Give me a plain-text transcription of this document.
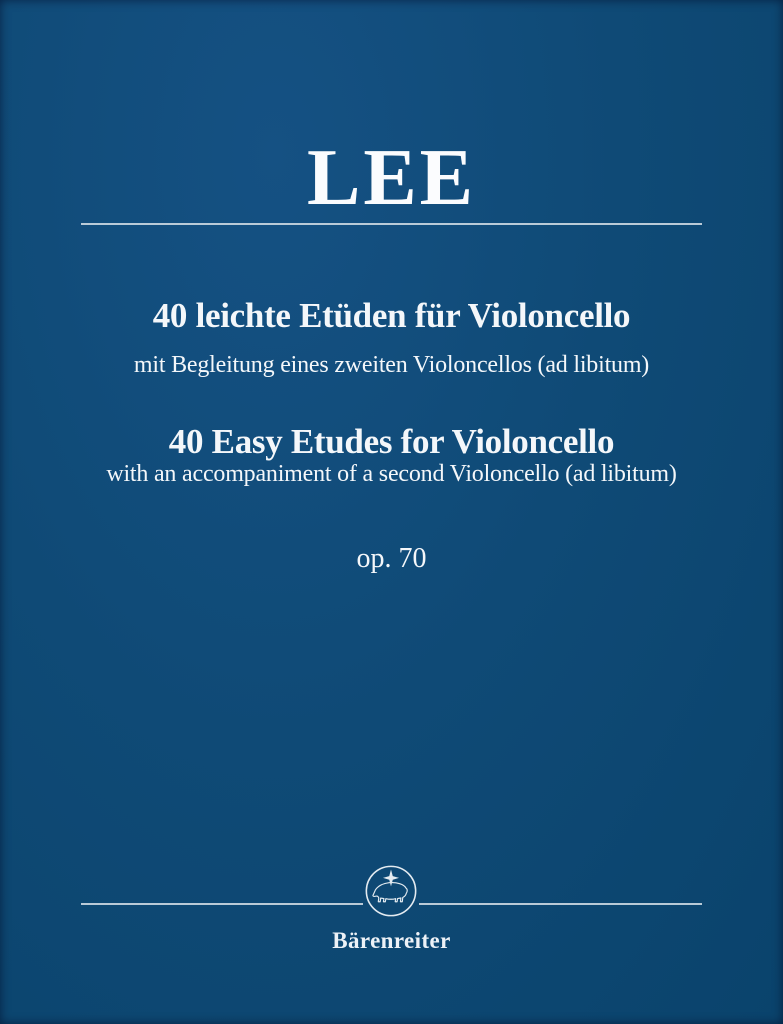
LEE
40 leichte Etüden für Violoncello
mit Begleitung eines zweiten Violoncellos (ad libitum)
40 Easy Etudes for Violoncello
with an accompaniment of a second Violoncello (ad libitum)
op. 70
Bärenreiter
